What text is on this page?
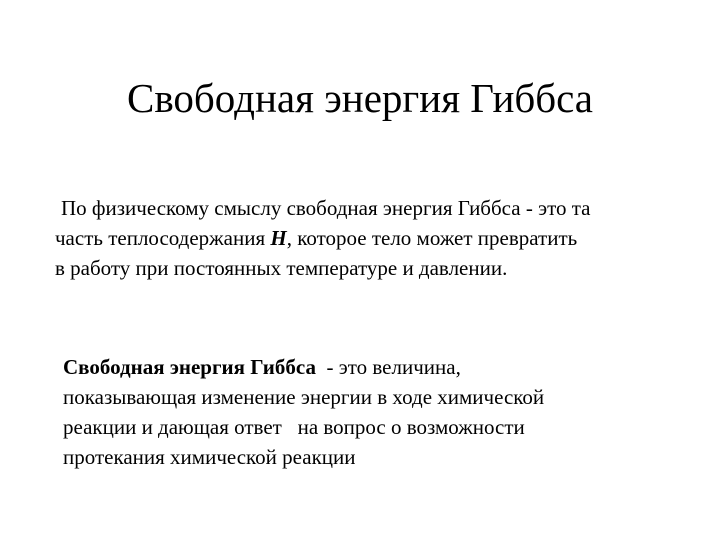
Свободная энергия Гиббса

По физическому смыслу свободная энергия Гиббса - это та
часть теплосодержания Н, которое тело может превратить
в работу при постоянных температуре и давлении.

Свободная энергия Гиббса  - это величина,
показывающая изменение энергии в ходе химической
реакции и дающая ответ   на вопрос о возможности
протекания химической реакции
